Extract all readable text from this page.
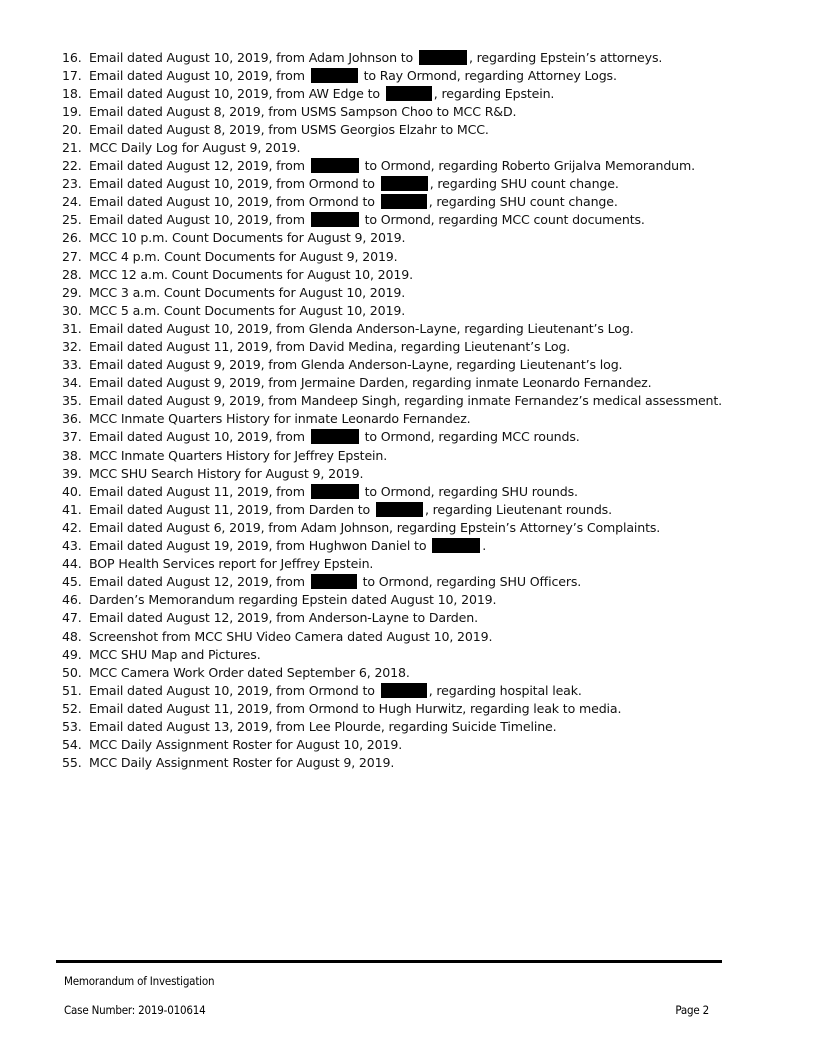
16. Email dated August 10, 2019, from Adam Johnson to	, regarding Epstein’s attorneys.
17. Email dated August 10, 2019, from	to Ray Ormond, regarding Attorney Logs.
18. Email dated August 10, 2019, from AW Edge to	, regarding Epstein.
19. Email dated August 8, 2019, from USMS Sampson Choo to MCC R&D.
20. Email dated August 8, 2019, from USMS Georgios Elzahr to MCC.
21. MCC Daily Log for August 9, 2019.
22. Email dated August 12, 2019, from	to Ormond, regarding Roberto Grijalva Memorandum.
23. Email dated August 10, 2019, from Ormond to	, regarding SHU count change.
24. Email dated August 10, 2019, from Ormond to	, regarding SHU count change.
25. Email dated August 10, 2019, from	to Ormond, regarding MCC count documents.
26. MCC 10 p.m. Count Documents for August 9, 2019.
27. MCC 4 p.m. Count Documents for August 9, 2019.
28. MCC 12 a.m. Count Documents for August 10, 2019.
29. MCC 3 a.m. Count Documents for August 10, 2019.
30. MCC 5 a.m. Count Documents for August 10, 2019.
31. Email dated August 10, 2019, from Glenda Anderson-Layne, regarding Lieutenant’s Log.
32. Email dated August 11, 2019, from David Medina, regarding Lieutenant’s Log.
33. Email dated August 9, 2019, from Glenda Anderson-Layne, regarding Lieutenant’s log.
34. Email dated August 9, 2019, from Jermaine Darden, regarding inmate Leonardo Fernandez.
35. Email dated August 9, 2019, from Mandeep Singh, regarding inmate Fernandez’s medical assessment.
36. MCC Inmate Quarters History for inmate Leonardo Fernandez.
37. Email dated August 10, 2019, from	to Ormond, regarding MCC rounds.
38. MCC Inmate Quarters History for Jeffrey Epstein.
39. MCC SHU Search History for August 9, 2019.
40. Email dated August 11, 2019, from	to Ormond, regarding SHU rounds.
41. Email dated August 11, 2019, from Darden to	, regarding Lieutenant rounds.
42. Email dated August 6, 2019, from Adam Johnson, regarding Epstein’s Attorney’s Complaints.
43. Email dated August 19, 2019, from Hughwon Daniel to	.
44. BOP Health Services report for Jeffrey Epstein.
45. Email dated August 12, 2019, from	to Ormond, regarding SHU Officers.
46. Darden’s Memorandum regarding Epstein dated August 10, 2019.
47. Email dated August 12, 2019, from Anderson-Layne to Darden.
48. Screenshot from MCC SHU Video Camera dated August 10, 2019.
49. MCC SHU Map and Pictures.
50. MCC Camera Work Order dated September 6, 2018.
51. Email dated August 10, 2019, from Ormond to	, regarding hospital leak.
52. Email dated August 11, 2019, from Ormond to Hugh Hurwitz, regarding leak to media.
53. Email dated August 13, 2019, from Lee Plourde, regarding Suicide Timeline.
54. MCC Daily Assignment Roster for August 10, 2019.
55. MCC Daily Assignment Roster for August 9, 2019.
Memorandum of Investigation
Case Number: 2019-010614	Page 2
